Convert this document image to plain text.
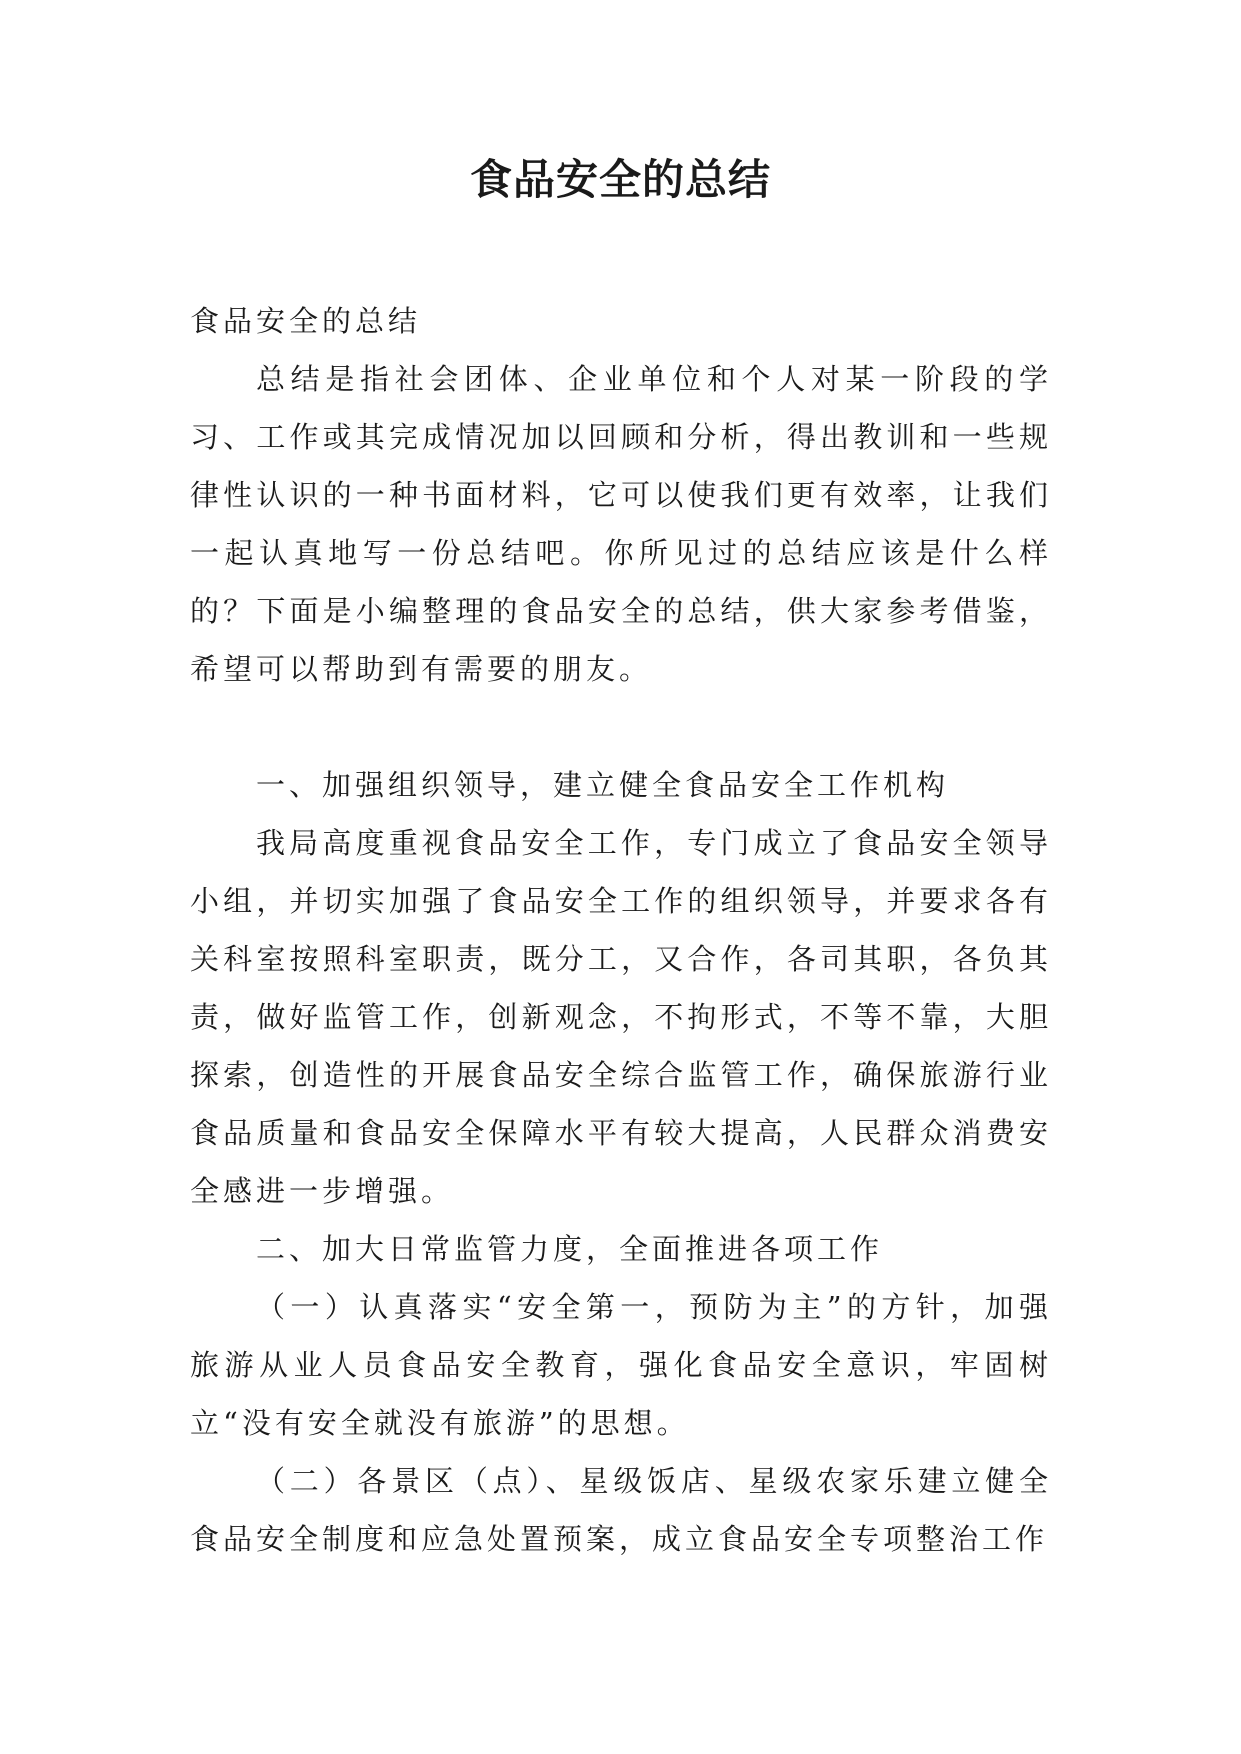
食品安全的总结

食品安全的总结

总结是指社会团体、企业单位和个人对某一阶段的学习、工作或其完成情况加以回顾和分析，得出教训和一些规律性认识的一种书面材料，它可以使我们更有效率，让我们一起认真地写一份总结吧。你所见过的总结应该是什么样的？下面是小编整理的食品安全的总结，供大家参考借鉴，希望可以帮助到有需要的朋友。

一、加强组织领导，建立健全食品安全工作机构

我局高度重视食品安全工作，专门成立了食品安全领导小组，并切实加强了食品安全工作的组织领导，并要求各有关科室按照科室职责，既分工，又合作，各司其职，各负其责，做好监管工作，创新观念，不拘形式，不等不靠，大胆探索，创造性的开展食品安全综合监管工作，确保旅游行业食品质量和食品安全保障水平有较大提高，人民群众消费安全感进一步增强。

二、加大日常监管力度，全面推进各项工作

（一）认真落实“安全第一，预防为主”的方针，加强旅游从业人员食品安全教育，强化食品安全意识，牢固树立“没有安全就没有旅游”的思想。

（二）各景区（点）、星级饭店、星级农家乐建立健全食品安全制度和应急处置预案，成立食品安全专项整治工作
